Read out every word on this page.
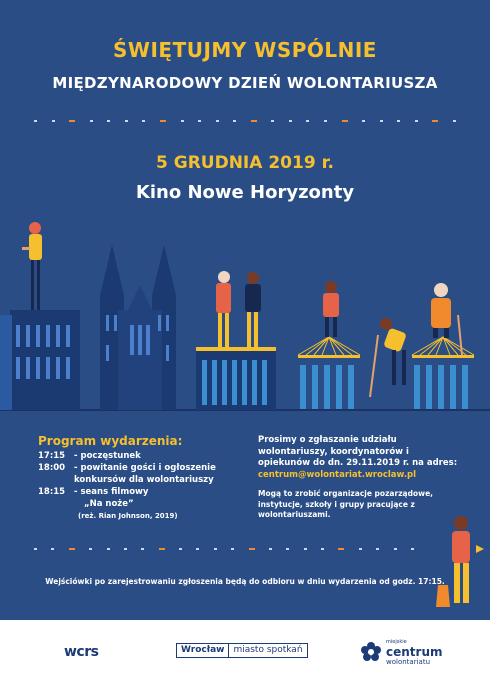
ŚWIĘTUJMY WSPÓLNIE
MIĘDZYNARODOWY DZIEŃ WOLONTARIUSZA
5 GRUDNIA 2019 r.
Kino Nowe Horyzonty
Program wydarzenia:
17:15	- poczęstunek
18:00	- powitanie gości i ogłoszenie
konkursów dla wolontariuszy
18:15	- seans filmowy
„Na noże”
(reż. Rian Johnson, 2019)

Prosimy o zgłaszanie udziału wolontariuszy, koordynatorów i opiekunów do dn. 29.11.2019 r. na adres:
centrum@wolontariat.wroclaw.pl

Mogą to zrobić organizacje pozarządowe, instytucje, szkoły i grupy pracujące z wolontariuszami.

Wejściówki po zarejestrowaniu zgłoszenia będą do odbioru w dniu wydarzenia od godz. 17:15.
wcrs	Wrocław	miasto spotkań
miejskie
centrum
wolontariatu
